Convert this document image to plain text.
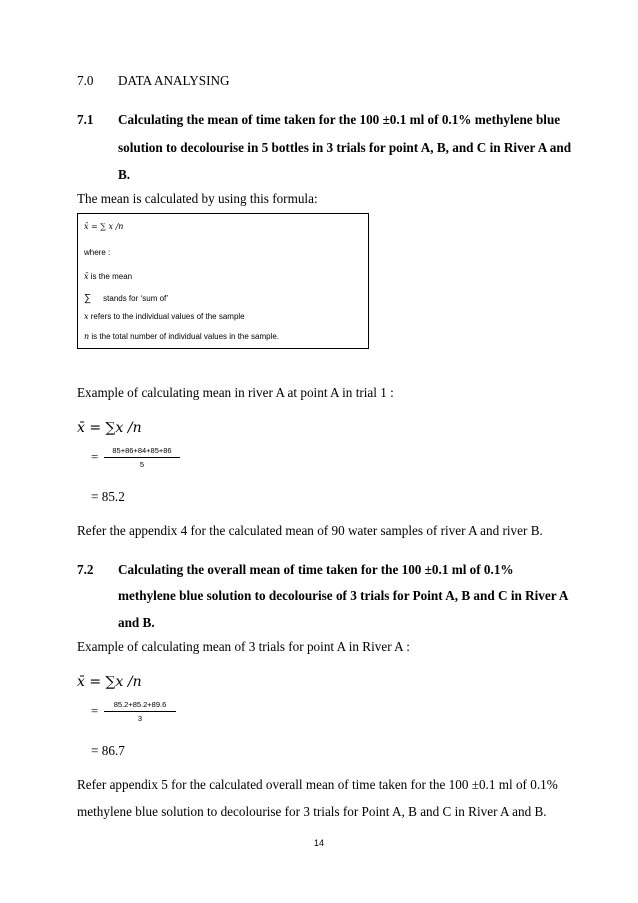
7.0 DATA ANALYSING
7.1 Calculating the mean of time taken for the 100 ±0.1 ml of 0.1% methylene blue
solution to decolourise in 5 bottles in 3 trials for point A, B, and C in River A and
B.
The mean is calculated by using this formula:
x̄ = ∑ x /n
where :
x̄ is the mean
∑ stands for ‘sum of’
x refers to the individual values of the sample
n is the total number of individual values in the sample.
Example of calculating mean in river A at point A in trial 1 :
x̄ = ∑x /n
=	85+86+84+85+86
5
= 85.2
Refer the appendix 4 for the calculated mean of 90 water samples of river A and river B.
7.2 Calculating the overall mean of time taken for the 100 ±0.1 ml of 0.1%
methylene blue solution to decolourise of 3 trials for Point A, B and C in River A
and B.
Example of calculating mean of 3 trials for point A in River A :
x̄ = ∑x /n
=	85.2+85.2+89.6
3
= 86.7
Refer appendix 5 for the calculated overall mean of time taken for the 100 ±0.1 ml of 0.1%
methylene blue solution to decolourise for 3 trials for Point A, B and C in River A and B.
14
